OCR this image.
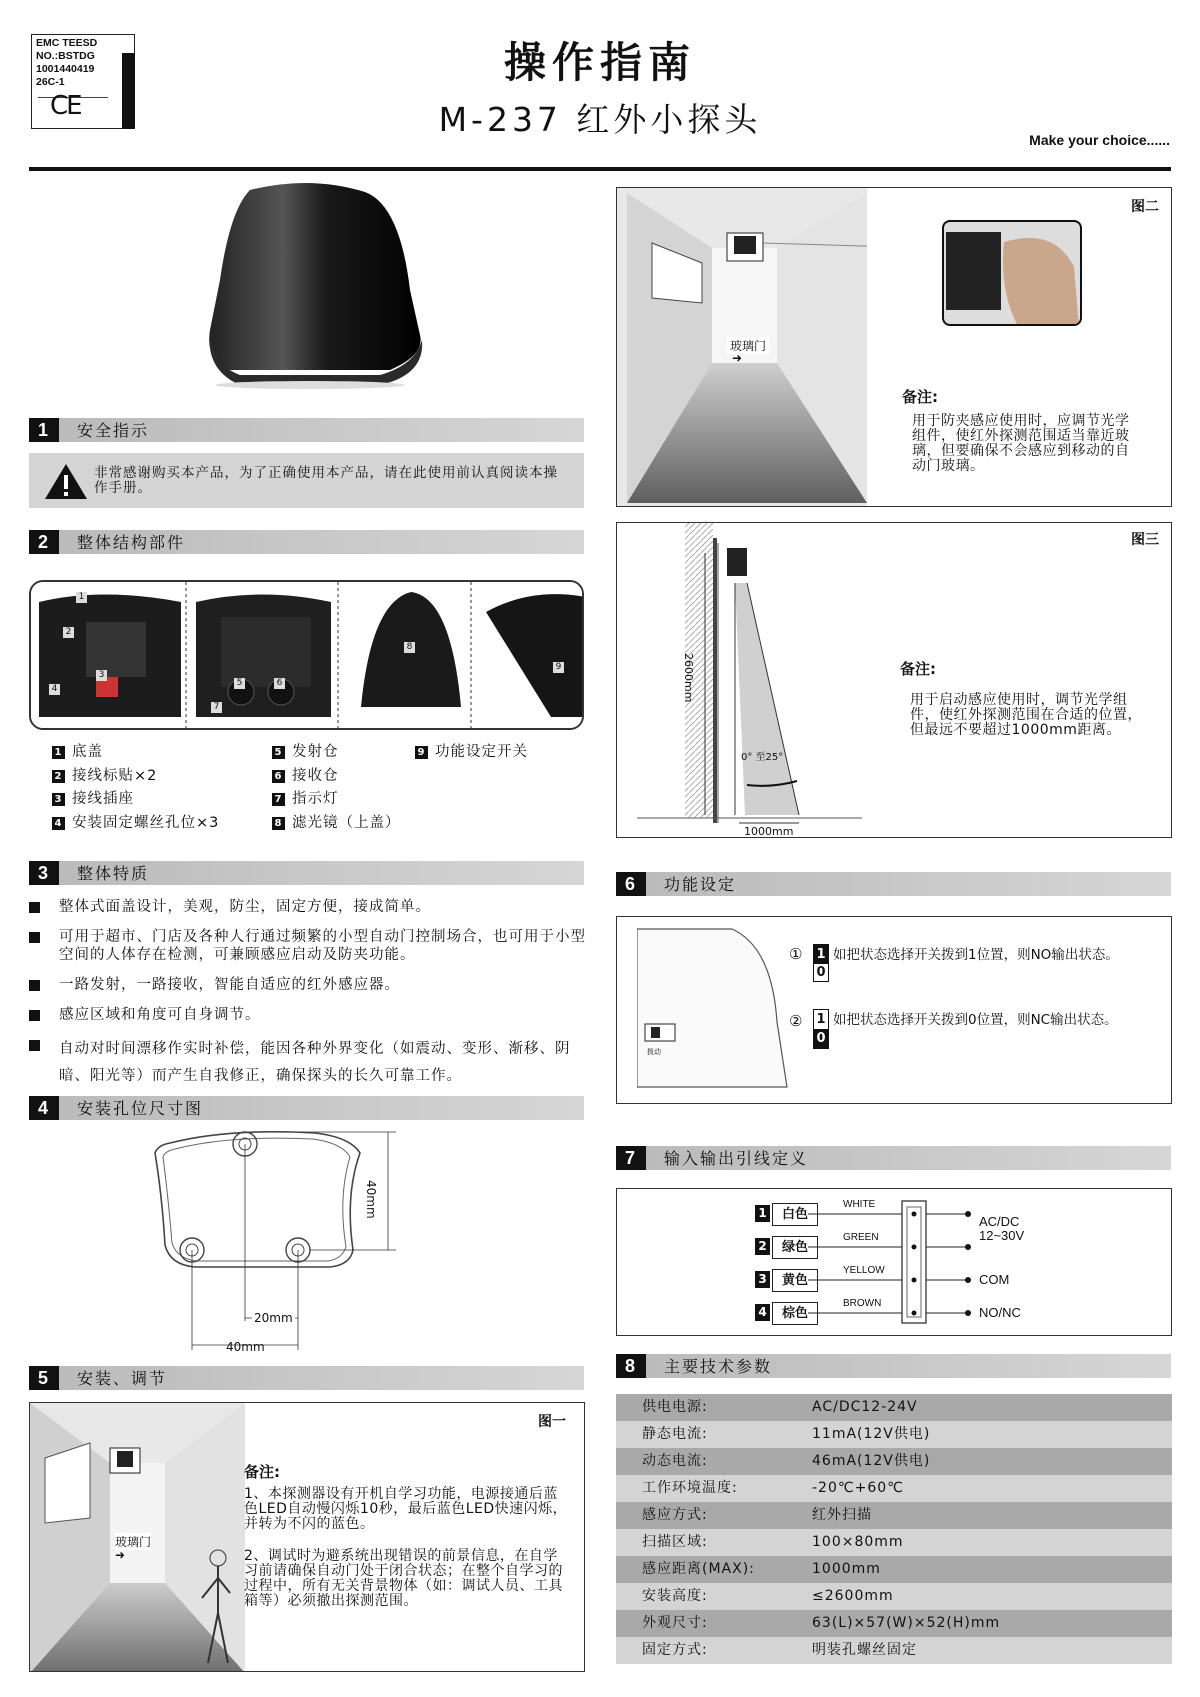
EMC TEESD
NO.:BSTDG
1001440419
26C-1
CE
操作指南
M-237 红外小探头
Make your choice......
1 安全指示
非常感谢购买本产品，为了正确使用本产品，请在此使用前认真阅读本操作手册。
2 整体结构部件
1
2
3
4
5	6
7
8
9
1 底盖
2 接线标贴×2
3 接线插座
4 安装固定螺丝孔位×3
5 发射仓
6 接收仓
7 指示灯
8 滤光镜（上盖）
9 功能设定开关
3 整体特质
整体式面盖设计，美观，防尘，固定方便，接成简单。
可用于超市、门店及各种人行通过频繁的小型自动门控制场合，也可用于小型空间的人体存在检测，可兼顾感应启动及防夹功能。
一路发射，一路接收，智能自适应的红外感应器。
感应区域和角度可自身调节。
自动对时间漂移作实时补偿，能因各种外界变化（如震动、变形、渐移、阴暗、阳光等）而产生自我修正，确保探头的长久可靠工作。
4 安装孔位尺寸图
40mm
20mm
40mm
5 安装、调节
玻璃门
➜
图一
备注:
1、本探测器设有开机自学习功能，电源接通后蓝色LED自动慢闪烁10秒，最后蓝色LED快速闪烁，并转为不闪的蓝色。
2、调试时为避系统出现错误的前景信息，在自学习前请确保自动门处于闭合状态；在整个自学习的过程中，所有无关背景物体（如：调试人员、工具箱等）必须撤出探测范围。
玻璃门
➜
图二
备注:
用于防夹感应使用时，应调节光学组件，使红外探测范围适当靠近玻璃，但要确保不会感应到移动的自动门玻璃。
2600mm
0° 至25°
1000mm
图三
备注:
用于启动感应使用时，调节光学组件，使红外探测范围在合适的位置，但最远不要超过1000mm距离。
6 功能设定
拨动
① 1
0
如把状态选择开关拨到1位置，则NO输出状态。
② 1
0
如把状态选择开关拨到0位置，则NC输出状态。
7 输入输出引线定义
1 白色
WHITE
2 绿色
GREEN
3 黄色
YELLOW
4 棕色
BROWN
AC/DC
12~30V
COM
NO/NC
8 主要技术参数
供电电源:	AC/DC12-24V
静态电流:	11mA(12V供电)
动态电流:	46mA(12V供电)
工作环境温度:	-20℃+60℃
感应方式:	红外扫描
扫描区域:	100×80mm
感应距离(MAX):	1000mm
安装高度:	≤2600mm
外观尺寸:	63(L)×57(W)×52(H)mm
固定方式:	明装孔螺丝固定
